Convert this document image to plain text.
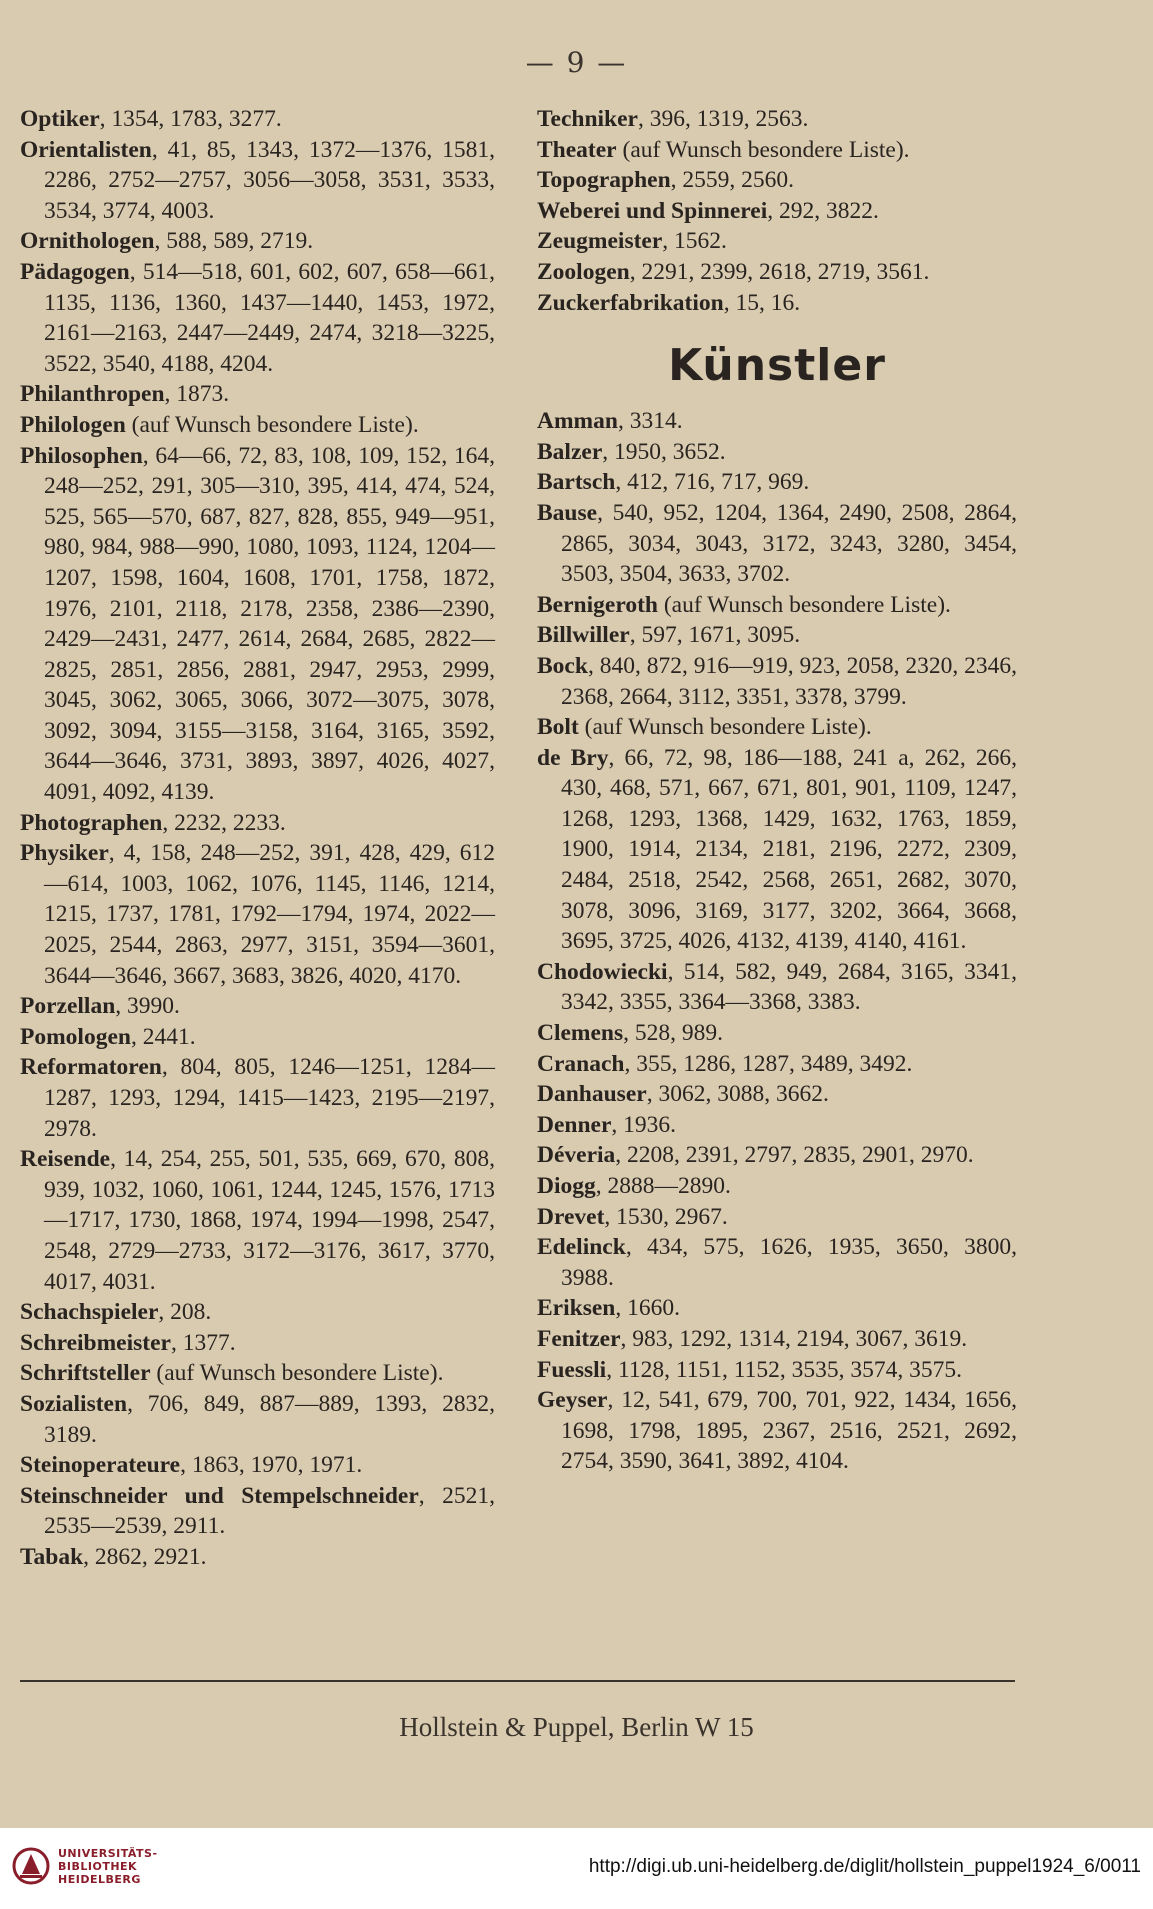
— 9 —
Optiker, 1354, 1783, 3277.
Orientalisten, 41, 85, 1343, 1372—1376, 1581, 2286, 2752—2757, 3056—3058, 3531, 3533, 3534, 3774, 4003.
Ornithologen, 588, 589, 2719.
Pädagogen, 514—518, 601, 602, 607, 658—661, 1135, 1136, 1360, 1437—1440, 1453, 1972, 2161—2163, 2447—2449, 2474, 3218—3225, 3522, 3540, 4188, 4204.
Philanthropen, 1873.
Philologen (auf Wunsch besondere Liste).
Philosophen, 64—66, 72, 83, 108, 109, 152, 164, 248—252, 291, 305—310, 395, 414, 474, 524, 525, 565—570, 687, 827, 828, 855, 949—951, 980, 984, 988—990, 1080, 1093, 1124, 1204—1207, 1598, 1604, 1608, 1701, 1758, 1872, 1976, 2101, 2118, 2178, 2358, 2386—2390, 2429—2431, 2477, 2614, 2684, 2685, 2822—2825, 2851, 2856, 2881, 2947, 2953, 2999, 3045, 3062, 3065, 3066, 3072—3075, 3078, 3092, 3094, 3155—3158, 3164, 3165, 3592, 3644—3646, 3731, 3893, 3897, 4026, 4027, 4091, 4092, 4139.
Photographen, 2232, 2233.
Physiker, 4, 158, 248—252, 391, 428, 429, 612—614, 1003, 1062, 1076, 1145, 1146, 1214, 1215, 1737, 1781, 1792—1794, 1974, 2022—2025, 2544, 2863, 2977, 3151, 3594—3601, 3644—3646, 3667, 3683, 3826, 4020, 4170.
Porzellan, 3990.
Pomologen, 2441.
Reformatoren, 804, 805, 1246—1251, 1284—1287, 1293, 1294, 1415—1423, 2195—2197, 2978.
Reisende, 14, 254, 255, 501, 535, 669, 670, 808, 939, 1032, 1060, 1061, 1244, 1245, 1576, 1713—1717, 1730, 1868, 1974, 1994—1998, 2547, 2548, 2729—2733, 3172—3176, 3617, 3770, 4017, 4031.
Schachspieler, 208.
Schreibmeister, 1377.
Schriftsteller (auf Wunsch besondere Liste).
Sozialisten, 706, 849, 887—889, 1393, 2832, 3189.
Steinoperateure, 1863, 1970, 1971.
Steinschneider und Stempelschneider, 2521, 2535—2539, 2911.
Tabak, 2862, 2921.
Techniker, 396, 1319, 2563.
Theater (auf Wunsch besondere Liste).
Topographen, 2559, 2560.
Weberei und Spinnerei, 292, 3822.
Zeugmeister, 1562.
Zoologen, 2291, 2399, 2618, 2719, 3561.
Zuckerfabrikation, 15, 16.
Künstler
Amman, 3314.
Balzer, 1950, 3652.
Bartsch, 412, 716, 717, 969.
Bause, 540, 952, 1204, 1364, 2490, 2508, 2864, 2865, 3034, 3043, 3172, 3243, 3280, 3454, 3503, 3504, 3633, 3702.
Bernigeroth (auf Wunsch besondere Liste).
Billwiller, 597, 1671, 3095.
Bock, 840, 872, 916—919, 923, 2058, 2320, 2346, 2368, 2664, 3112, 3351, 3378, 3799.
Bolt (auf Wunsch besondere Liste).
de Bry, 66, 72, 98, 186—188, 241 a, 262, 266, 430, 468, 571, 667, 671, 801, 901, 1109, 1247, 1268, 1293, 1368, 1429, 1632, 1763, 1859, 1900, 1914, 2134, 2181, 2196, 2272, 2309, 2484, 2518, 2542, 2568, 2651, 2682, 3070, 3078, 3096, 3169, 3177, 3202, 3664, 3668, 3695, 3725, 4026, 4132, 4139, 4140, 4161.
Chodowiecki, 514, 582, 949, 2684, 3165, 3341, 3342, 3355, 3364—3368, 3383.
Clemens, 528, 989.
Cranach, 355, 1286, 1287, 3489, 3492.
Danhauser, 3062, 3088, 3662.
Denner, 1936.
Déveria, 2208, 2391, 2797, 2835, 2901, 2970.
Diogg, 2888—2890.
Drevet, 1530, 2967.
Edelinck, 434, 575, 1626, 1935, 3650, 3800, 3988.
Eriksen, 1660.
Fenitzer, 983, 1292, 1314, 2194, 3067, 3619.
Fuessli, 1128, 1151, 1152, 3535, 3574, 3575.
Geyser, 12, 541, 679, 700, 701, 922, 1434, 1656, 1698, 1798, 1895, 2367, 2516, 2521, 2692, 2754, 3590, 3641, 3892, 4104.
Hollstein & Puppel, Berlin W 15
UNIVERSITÄTS-
BIBLIOTHEK
HEIDELBERG
http://digi.ub.uni-heidelberg.de/diglit/hollstein_puppel1924_6/0011
